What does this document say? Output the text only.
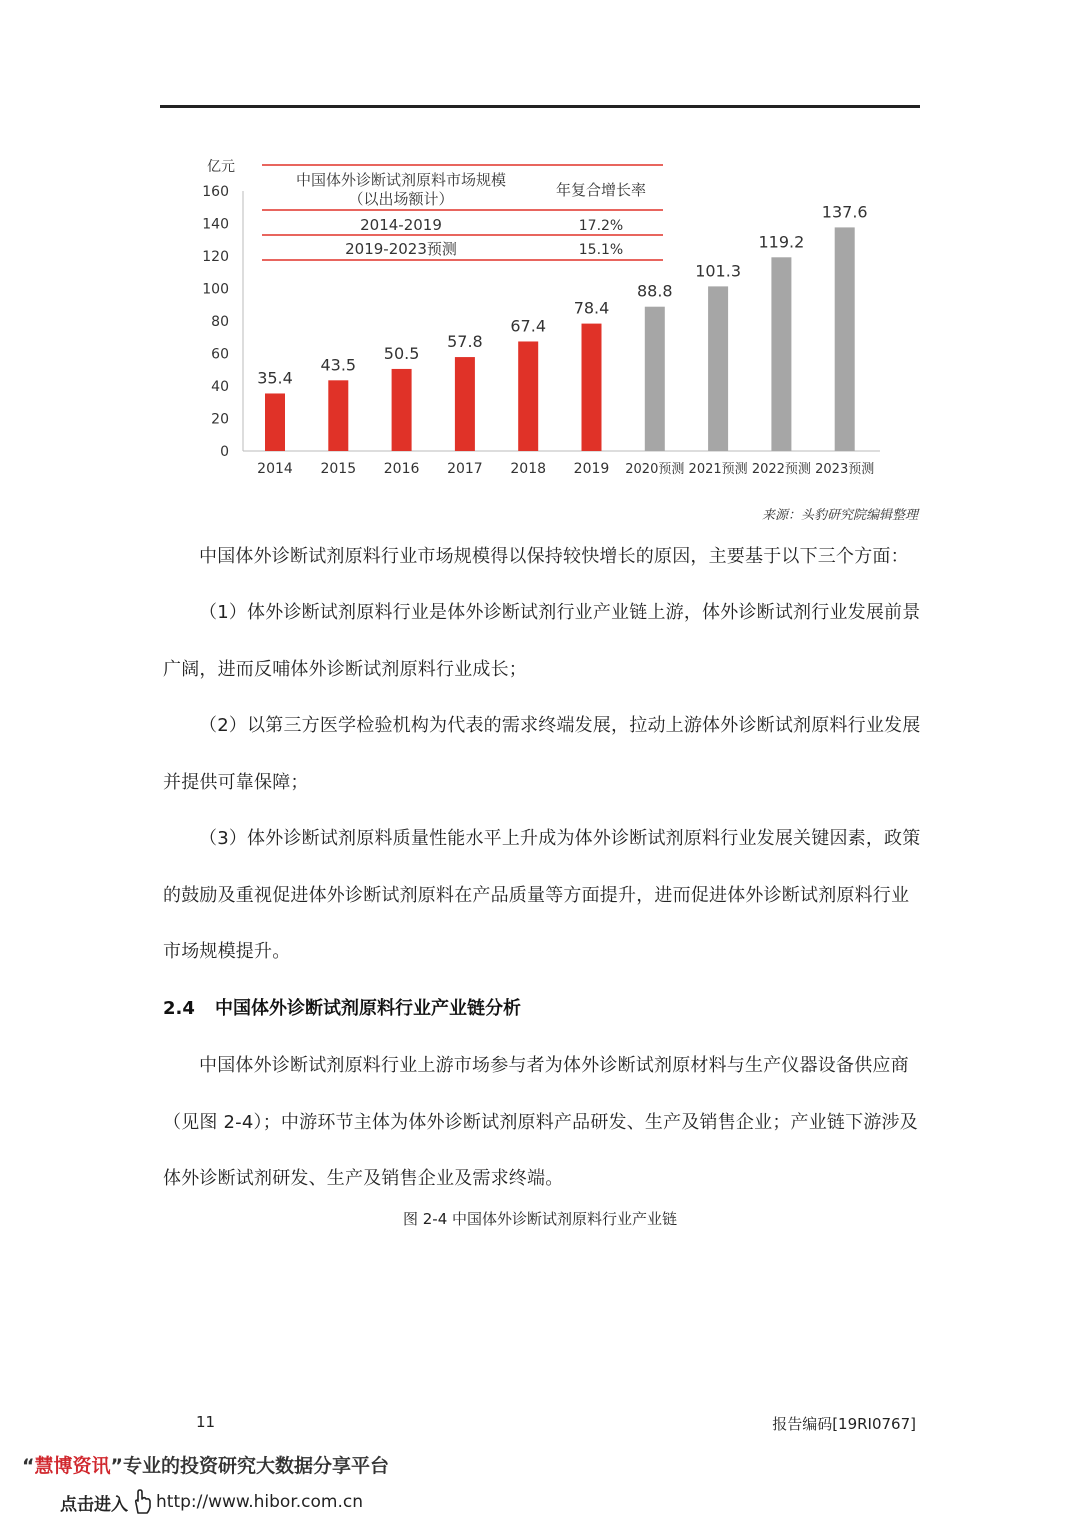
中国体外诊断试剂原料市场规模
（以出场额计）	年复合增长率
2014-2019	17.2%
2019-2023预测	15.1%
亿元
0
20
40
60
80
100
120
140
160
35.4
2014
43.5
2015
50.5
2016
57.8
2017
67.4
2018
78.4
2019
88.8
2020预测
101.3
2021预测
119.2
2022预测
137.6
2023预测
来源：头豹研究院编辑整理

中国体外诊断试剂原料行业市场规模得以保持较快增长的原因，主要基于以下三个方面：

（1）体外诊断试剂原料行业是体外诊断试剂行业产业链上游，体外诊断试剂行业发展前景广阔，进而反哺体外诊断试剂原料行业成长；

（2）以第三方医学检验机构为代表的需求终端发展，拉动上游体外诊断试剂原料行业发展并提供可靠保障；

（3）体外诊断试剂原料质量性能水平上升成为体外诊断试剂原料行业发展关键因素，政策的鼓励及重视促进体外诊断试剂原料在产品质量等方面提升，进而促进体外诊断试剂原料行业市场规模提升。

2.4 中国体外诊断试剂原料行业产业链分析

中国体外诊断试剂原料行业上游市场参与者为体外诊断试剂原材料与生产仪器设备供应商（见图 2-4）；中游环节主体为体外诊断试剂原料产品研发、生产及销售企业；产业链下游涉及体外诊断试剂研发、生产及销售企业及需求终端。

图 2-4 中国体外诊断试剂原料行业产业链
11	报告编码[19RI0767]
“慧博资讯”专业的投资研究大数据分享平台
点击进入 http://www.hibor.com.cn
